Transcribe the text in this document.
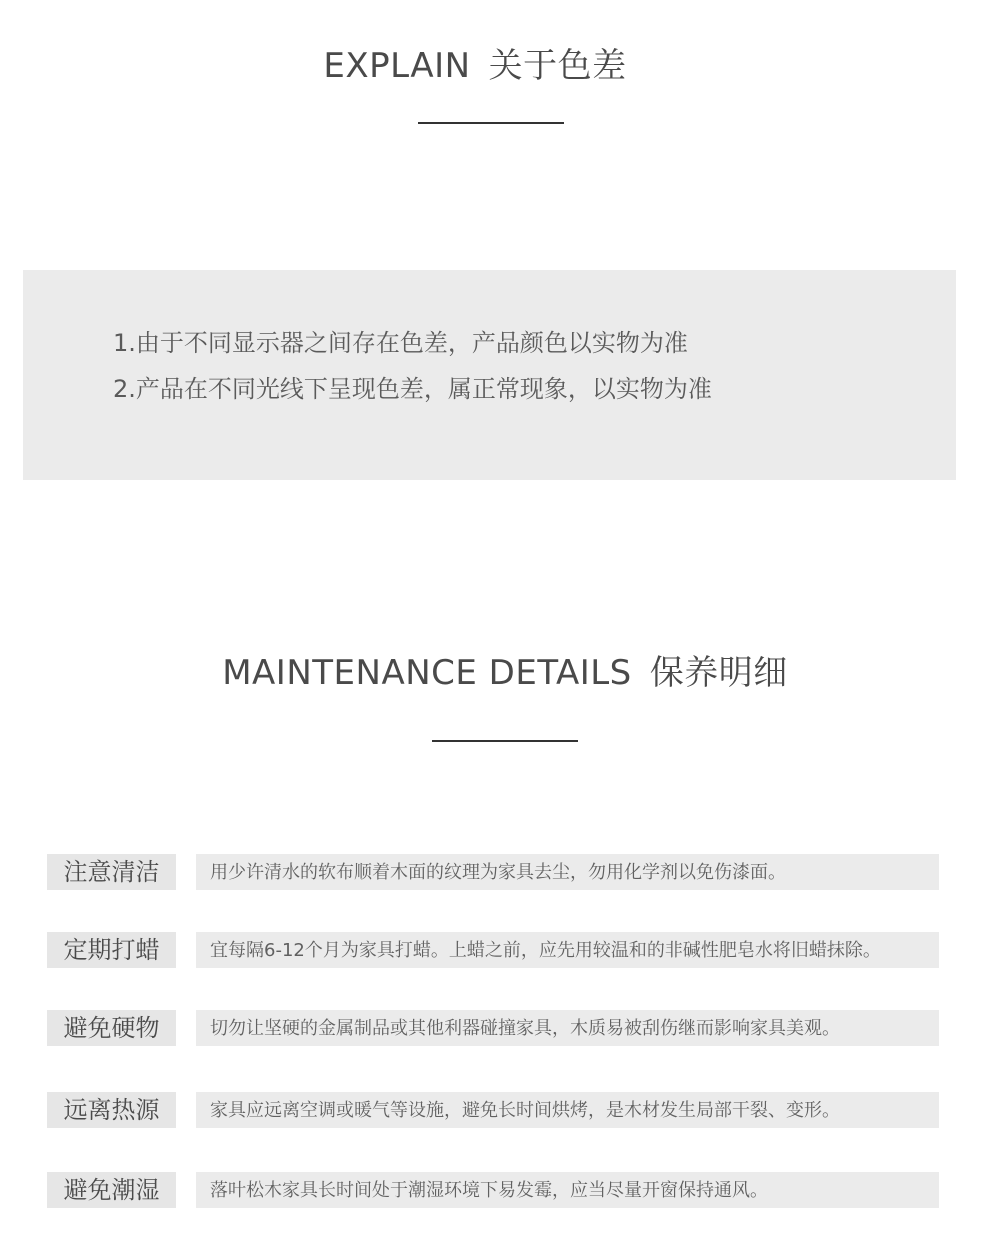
EXPLAIN 关于色差
1.由于不同显示器之间存在色差，产品颜色以实物为准
2.产品在不同光线下呈现色差，属正常现象，以实物为准
MAINTENANCE DETAILS 保养明细
注意清洁	用少许清水的软布顺着木面的纹理为家具去尘，勿用化学剂以免伤漆面。
定期打蜡	宜每隔6-12个月为家具打蜡。上蜡之前，应先用较温和的非碱性肥皂水将旧蜡抹除。
避免硬物	切勿让坚硬的金属制品或其他利器碰撞家具，木质易被刮伤继而影响家具美观。
远离热源	家具应远离空调或暖气等设施，避免长时间烘烤，是木材发生局部干裂、变形。
避免潮湿	落叶松木家具长时间处于潮湿环境下易发霉，应当尽量开窗保持通风。
